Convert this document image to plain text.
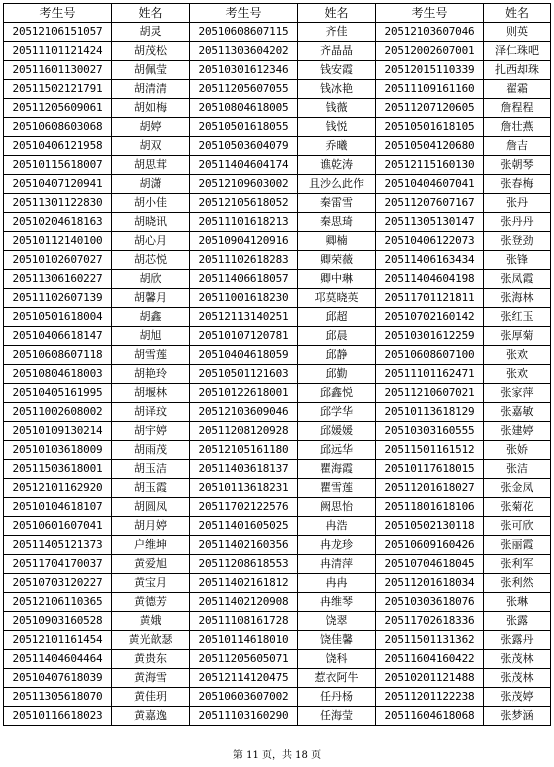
考生号	姓名	考生号	姓名	考生号	姓名
20512106151057	胡灵	20510608607115	齐佳	20512103607046	则英
20511101121424	胡茂松	20511303604202	齐晶晶	20512002607001	泽仁珠吧
20511601130027	胡佩莹	20510301612346	钱安霞	20512015110339	扎西却珠
20511502121791	胡清清	20511205607055	钱冰艳	20511109161160	翟霜
20511205609061	胡如梅	20510804618005	钱薇	20511207120605	詹程程
20510608603068	胡婷	20510501618055	钱悦	20510501618105	詹壮燕
20510406121958	胡双	20510503604079	乔曦	20510504120680	詹吉
20510115618007	胡思茸	20511404604174	谯乾涛	20512115160130	张朝琴
20510407120941	胡潇	20512109603002	且沙么此作	20510404607041	张春梅
20511301122830	胡小佳	20512105618052	秦雷雪	20511207607167	张丹
20510204618163	胡晓讯	20511101618213	秦思琦	20511305130147	张丹丹
20510112140100	胡心月	20510904120916	卿楠	20510406122073	张登劲
20510102607027	胡芯悦	20511102618283	卿荣薇	20511406163434	张锋
20511306160227	胡欣	20511406618057	卿中琳	20511404604198	张凤霞
20511102607139	胡馨月	20511001618230	邛莫晓英	20511701121811	张海林
20510501618004	胡鑫	20512113140251	邱超	20510702160142	张红玉
20510406618147	胡旭	20510107120781	邱晨	20510301612259	张厚菊
20510608607118	胡雪莲	20510404618059	邱静	20510608607100	张欢
20510804618003	胡艳玲	20510501121603	邱勤	20511101162471	张欢
20510405161995	胡堰林	20510122618001	邱鑫悦	20511210607021	张家萍
20511002608002	胡译玟	20512103609046	邱学华	20510113618129	张嘉敏
20510109130214	胡宇婷	20511208120928	邱媛媛	20510303160555	张建婷
20510103618009	胡雨茂	20512105161180	邱远华	20511501161512	张娇
20511503618001	胡玉洁	20511403618137	瞿海霞	20510117618015	张洁
20512101162920	胡玉霞	20510113618231	瞿雪莲	20511201618027	张金凤
20510104618107	胡圆凤	20511702122576	阙思怡	20511801618106	张菊花
20510601607041	胡月婷	20511401605025	冉浩	20510502130118	张可欣
20511405121373	户维坤	20511402160356	冉龙珍	20510609160426	张丽霞
20511704170037	黄爱旭	20511208618553	冉清萍	20510704618045	张利军
20510703120227	黄宝月	20511402161812	冉冉	20511201618034	张利然
20512106110365	黄德芳	20511402120908	冉维琴	20510303618076	张琳
20510903160528	黄娥	20511108161728	饶翠	20511702618336	张露
20512101161454	黄光歆瑟	20510114618010	饶佳馨	20511501131362	张露丹
20511404604464	黄贵东	20511205605071	饶科	20511604160422	张茂林
20510407618039	黄海雪	20512114120475	惹衣阿牛	20510201121488	张茂林
20511305618070	黄佳玥	20510603607002	任丹杨	20511201122238	张茂婷
20510116618023	黄嘉逸	20511103160290	任海莹	20511604618068	张梦涵
第 11 页，共 18 页
